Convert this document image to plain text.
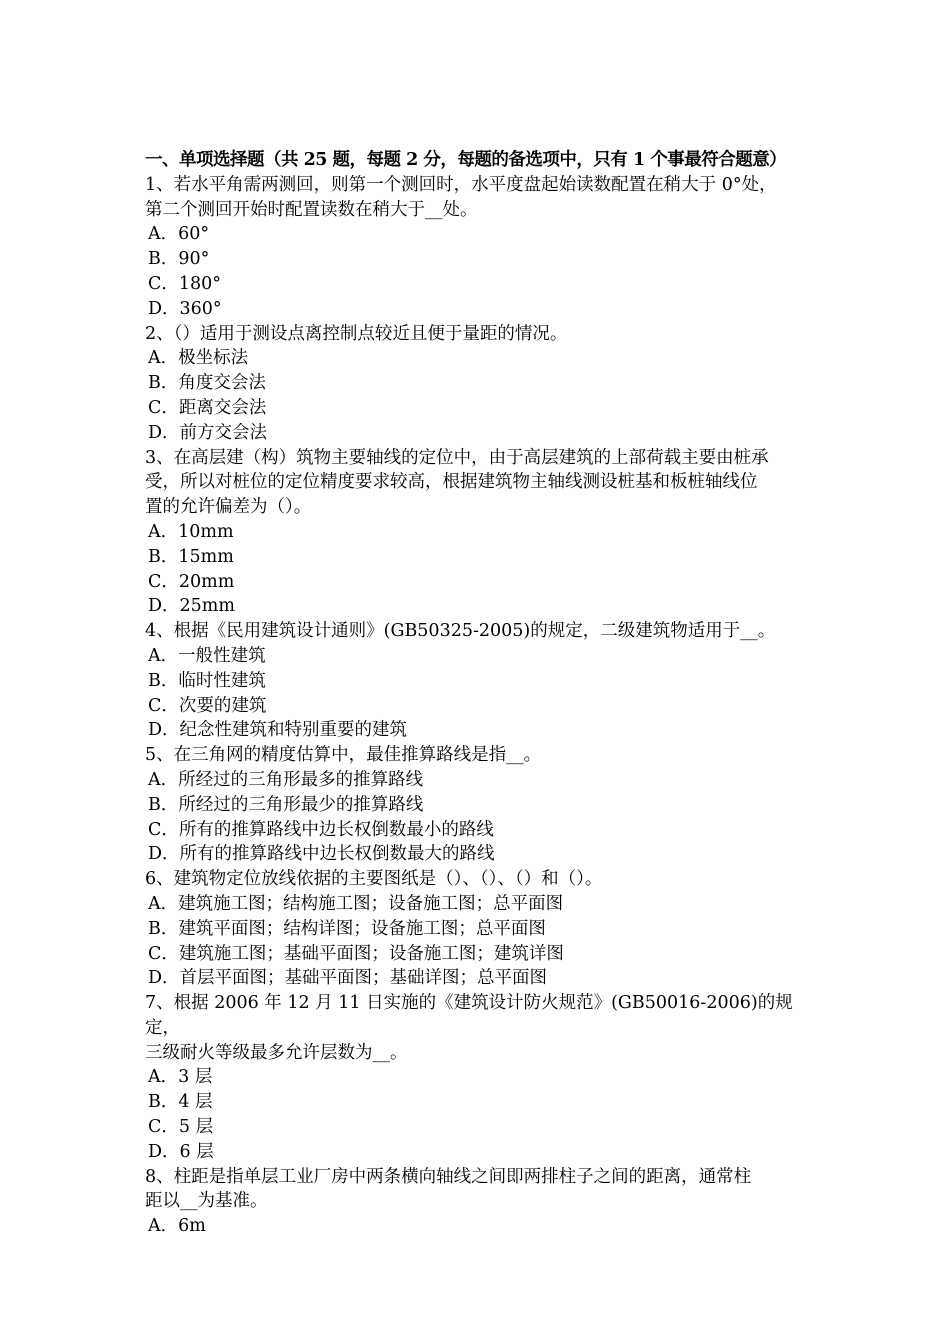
一、单项选择题（共 25 题，每题 2 分，每题的备选项中，只有 1 个事最符合题意）
1、若水平角需两测回，则第一个测回时，水平度盘起始读数配置在稍大于 0°处，
第二个测回开始时配置读数在稍大于__处。
A．60°
B．90°
C．180°
D．360°
2、（）适用于测设点离控制点较近且便于量距的情况。
A．极坐标法
B．角度交会法
C．距离交会法
D．前方交会法
3、在高层建（构）筑物主要轴线的定位中，由于高层建筑的上部荷载主要由桩承
受，所以对桩位的定位精度要求较高，根据建筑物主轴线测设桩基和板桩轴线位
置的允许偏差为（）。
A．10mm
B．15mm
C．20mm
D．25mm
4、根据《民用建筑设计通则》(GB50325-2005)的规定，二级建筑物适用于__。
A．一般性建筑
B．临时性建筑
C．次要的建筑
D．纪念性建筑和特别重要的建筑
5、在三角网的精度估算中，最佳推算路线是指__。
A．所经过的三角形最多的推算路线
B．所经过的三角形最少的推算路线
C．所有的推算路线中边长权倒数最小的路线
D．所有的推算路线中边长权倒数最大的路线
6、建筑物定位放线依据的主要图纸是（）、（）、（）和（）。
A．建筑施工图；结构施工图；设备施工图；总平面图
B．建筑平面图；结构详图；设备施工图；总平面图
C．建筑施工图；基础平面图；设备施工图；建筑详图
D．首层平面图；基础平面图；基础详图；总平面图
7、根据 2006 年 12 月 11 日实施的《建筑设计防火规范》(GB50016-2006)的规定，
三级耐火等级最多允许层数为__。
A．3 层
B．4 层
C．5 层
D．6 层
8、柱距是指单层工业厂房中两条横向轴线之间即两排柱子之间的距离，通常柱
距以__为基准。
A．6m
